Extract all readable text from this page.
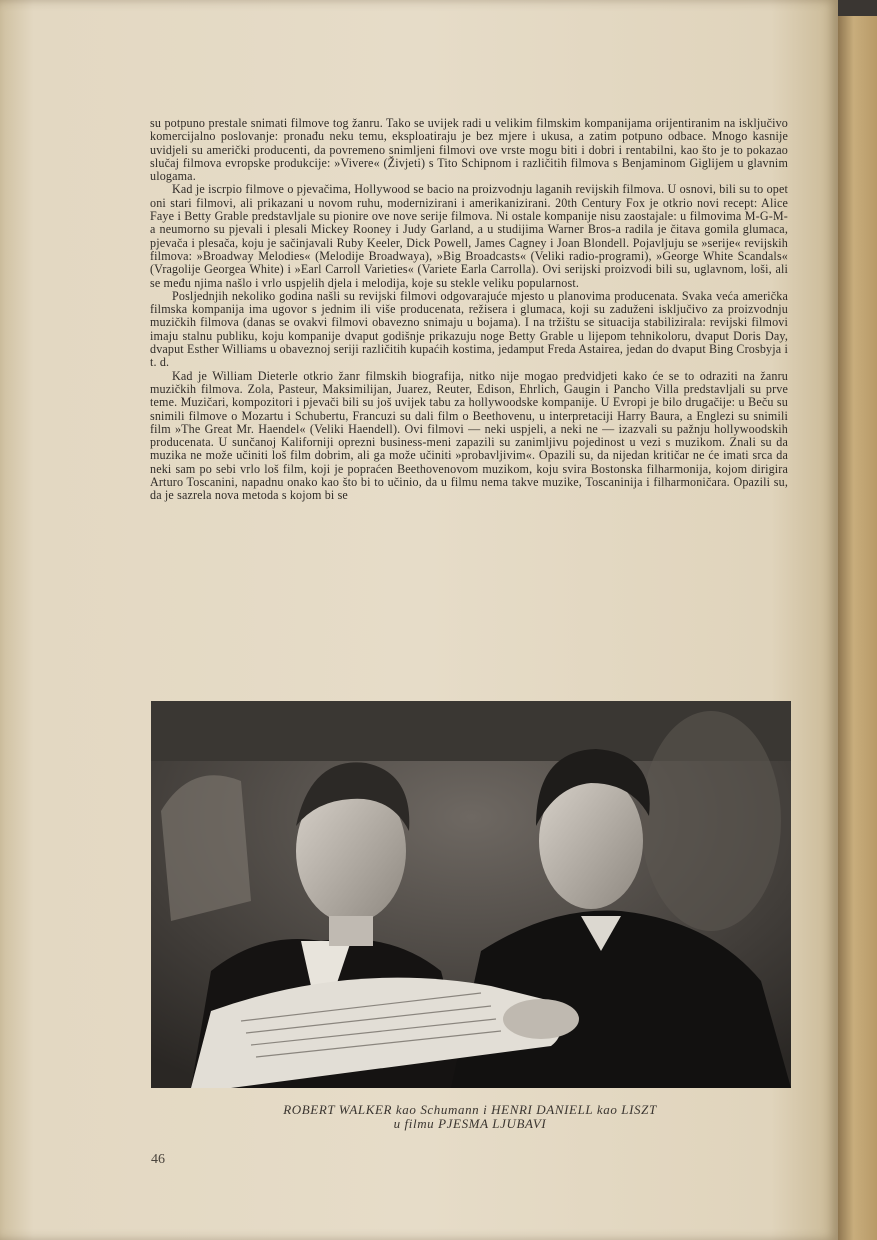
su potpuno prestale snimati filmove tog žanru. Tako se uvijek radi u velikim filmskim kompanijama orijentiranim na isključivo komercijalno poslovanje: pronađu neku temu, eksploatiraju je bez mjere i ukusa, a zatim potpuno odbace. Mnogo kasnije uvidjeli su američki producenti, da povremeno snimljeni filmovi ove vrste mogu biti i dobri i rentabilni, kao što je to pokazao slučaj filmova evropske produkcije: »Vivere« (Živjeti) s Tito Schipnom i različitih filmova s Benjaminom Giglijem u glavnim ulogama.

Kad je iscrpio filmove o pjevačima, Hollywood se bacio na proizvodnju laganih revijskih filmova. U osnovi, bili su to opet oni stari filmovi, ali prikazani u novom ruhu, modernizirani i amerikanizirani. 20th Century Fox je otkrio novi recept: Alice Faye i Betty Grable predstavljale su pionire ove nove serije filmova. Ni ostale kompanije nisu zaostajale: u filmovima M-G-M-a neumorno su pjevali i plesali Mickey Rooney i Judy Garland, a u studijima Warner Bros-a radila je čitava gomila glumaca, pjevača i plesača, koju je sačinjavali Ruby Keeler, Dick Powell, James Cagney i Joan Blondell. Pojavljuju se »serije« revijskih filmova: »Broadway Melodies« (Melodije Broadwaya), »Big Broadcasts« (Veliki radio-programi), »George White Scandals« (Vragolije Georgea White) i »Earl Carroll Varieties« (Variete Earla Carrolla). Ovi serijski proizvodi bili su, uglavnom, loši, ali se među njima našlo i vrlo uspjelih djela i melodija, koje su stekle veliku popularnost.

Posljednjih nekoliko godina našli su revijski filmovi odgovarajuće mjesto u planovima producenata. Svaka veća američka filmska kompanija ima ugovor s jednim ili više producenata, režisera i glumaca, koji su zaduženi isključivo za proizvodnju muzičkih filmova (danas se ovakvi filmovi obavezno snimaju u bojama). I na tržištu se situacija stabilizirala: revijski filmovi imaju stalnu publiku, koju kompanije dvaput godišnje prikazuju noge Betty Grable u lijepom tehnikoloru, dvaput Doris Day, dvaput Esther Williams u obaveznoj seriji različitih kupaćih kostima, jedamput Freda Astairea, jedan do dvaput Bing Crosbyja i t. d.

Kad je William Dieterle otkrio žanr filmskih biografija, nitko nije mogao predvidjeti kako će se to odraziti na žanru muzičkih filmova. Zola, Pasteur, Maksimilijan, Juarez, Reuter, Edison, Ehrlich, Gaugin i Pancho Villa predstavljali su prve teme. Muzičari, kompozitori i pjevači bili su još uvijek tabu za hollywoodske kompanije. U Evropi je bilo drugačije: u Beču su snimili filmove o Mozartu i Schubertu, Francuzi su dali film o Beethovenu, u interpretaciji Harry Baura, a Englezi su snimili film »The Great Mr. Haendel« (Veliki Haendell). Ovi filmovi — neki uspjeli, a neki ne — izazvali su pažnju hollywoodskih producenata. U sunčanoj Kaliforniji oprezni business-meni zapazili su zanimljivu pojedinost u vezi s muzikom. Znali su da muzika ne može učiniti loš film dobrim, ali ga može učiniti »probavljivim«. Opazili su, da nijedan kritičar ne će imati srca da neki sam po sebi vrlo loš film, koji je popraćen Beethovenovom muzikom, koju svira Bostonska filharmonija, kojom dirigira Arturo Toscanini, napadnu onako kao što bi to učinio, da u filmu nema takve muzike, Toscaninija i filharmoničara. Opazili su, da je sazrela nova metoda s kojom bi se

ROBERT WALKER kao Schumann i HENRI DANIELL kao LISZT
u filmu PJESMA LJUBAVI
46
